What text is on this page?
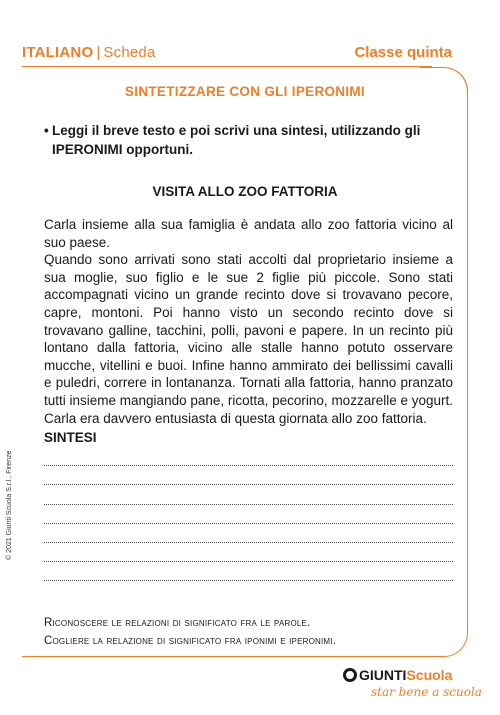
ITALIANO | Scheda	Classe quinta
SINTETIZZARE CON GLI IPERONIMI
• Leggi il breve testo e poi scrivi una sintesi, utilizzando gli IPERONIMI opportuni.
VISITA ALLO ZOO FATTORIA

Carla insieme alla sua famiglia è andata allo zoo fattoria vicino al suo paese.

Quando sono arrivati sono stati accolti dal proprietario insieme a sua moglie, suo figlio e le sue 2 figlie più piccole. Sono stati accompagnati vicino un grande recinto dove si trovavano pecore, capre, montoni. Poi hanno visto un secondo recinto dove si trovavano galline, tacchini, polli, pavoni e papere. In un recinto più lontano dalla fattoria, vicino alle stalle hanno potuto osservare mucche, vitellini e buoi. Infine hanno ammirato dei bellissimi cavalli e puledri, correre in lontananza. Tornati alla fattoria, hanno pranzato tutti insieme mangiando pane, ricotta, pecorino, mozzarelle e yogurt. Carla era davvero entusiasta di questa giornata allo zoo fattoria.

SINTESI
Riconoscere le relazioni di significato fra le parole.
Cogliere la relazione di significato fra iponimi e iperonimi.
© 2021 Giunti Scuola S.r.l., Firenze
GIUNTIScuola
star bene a scuola
